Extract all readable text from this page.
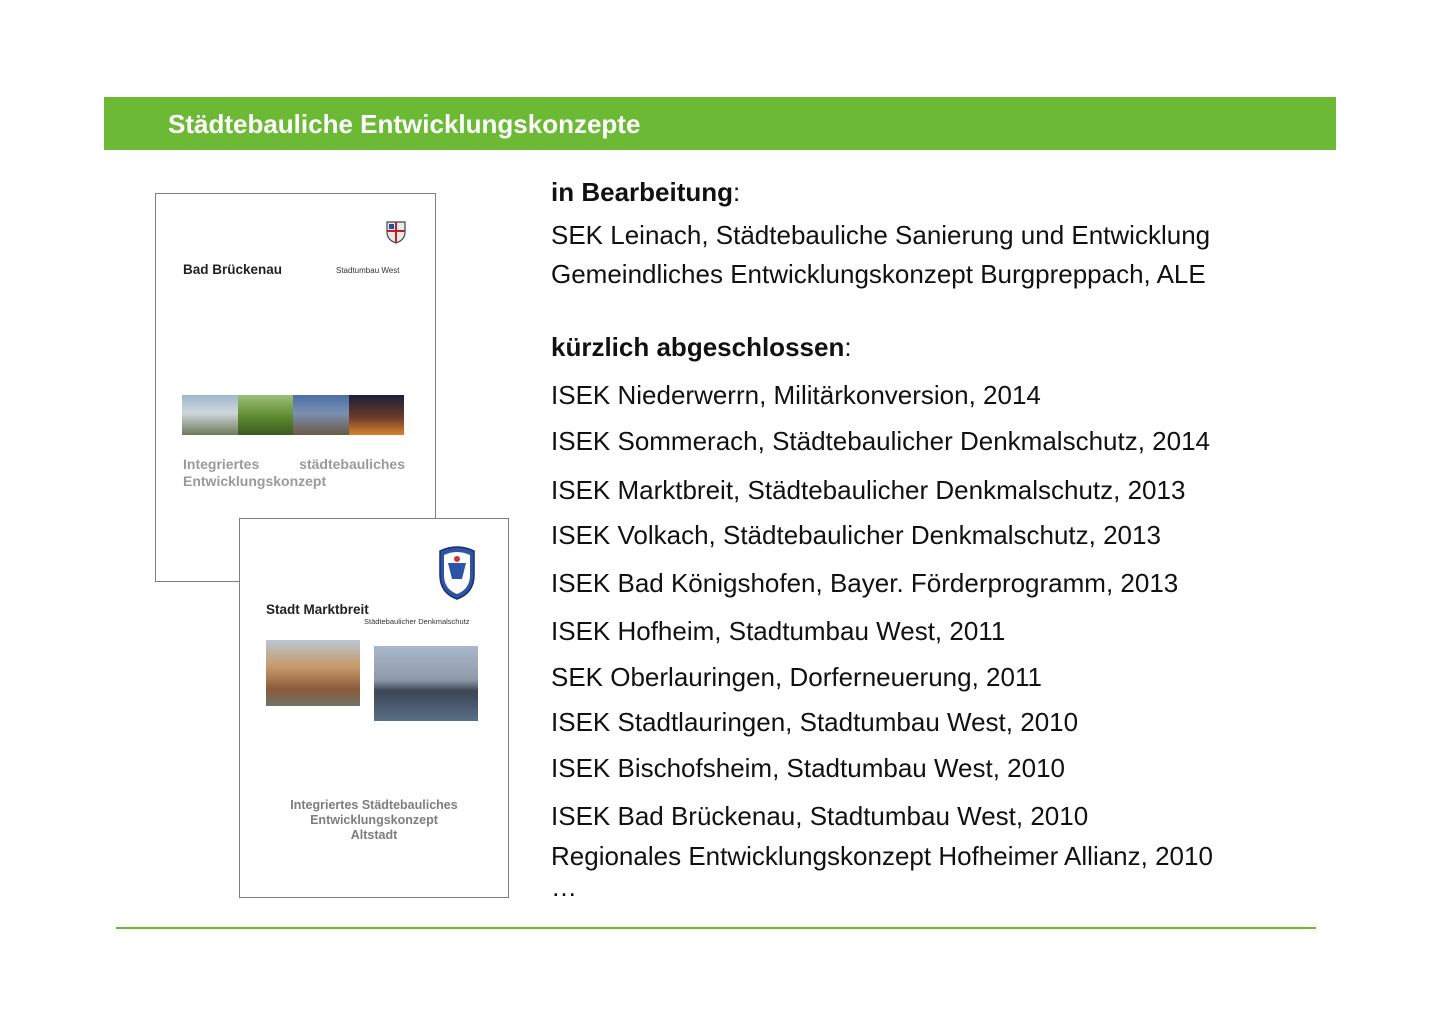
Städtebauliche Entwicklungskonzepte
Bad Brückenau	Stadtumbau West
Integriertes	städtebauliches
Entwicklungskonzept
Stadt Marktbreit
Städtebaulicher Denkmalschutz
Integriertes Städtebauliches
Entwicklungskonzept
Altstadt
in Bearbeitung:
SEK Leinach, Städtebauliche Sanierung und Entwicklung
Gemeindliches Entwicklungskonzept Burgpreppach, ALE
kürzlich abgeschlossen:
ISEK Niederwerrn, Militärkonversion, 2014
ISEK Sommerach, Städtebaulicher Denkmalschutz, 2014
ISEK Marktbreit, Städtebaulicher Denkmalschutz, 2013
ISEK Volkach, Städtebaulicher Denkmalschutz, 2013
ISEK Bad Königshofen, Bayer. Förderprogramm, 2013
ISEK Hofheim, Stadtumbau West, 2011
SEK Oberlauringen, Dorferneuerung, 2011
ISEK Stadtlauringen, Stadtumbau West, 2010
ISEK Bischofsheim, Stadtumbau West, 2010
ISEK Bad Brückenau, Stadtumbau West, 2010
Regionales Entwicklungskonzept Hofheimer Allianz, 2010
…
